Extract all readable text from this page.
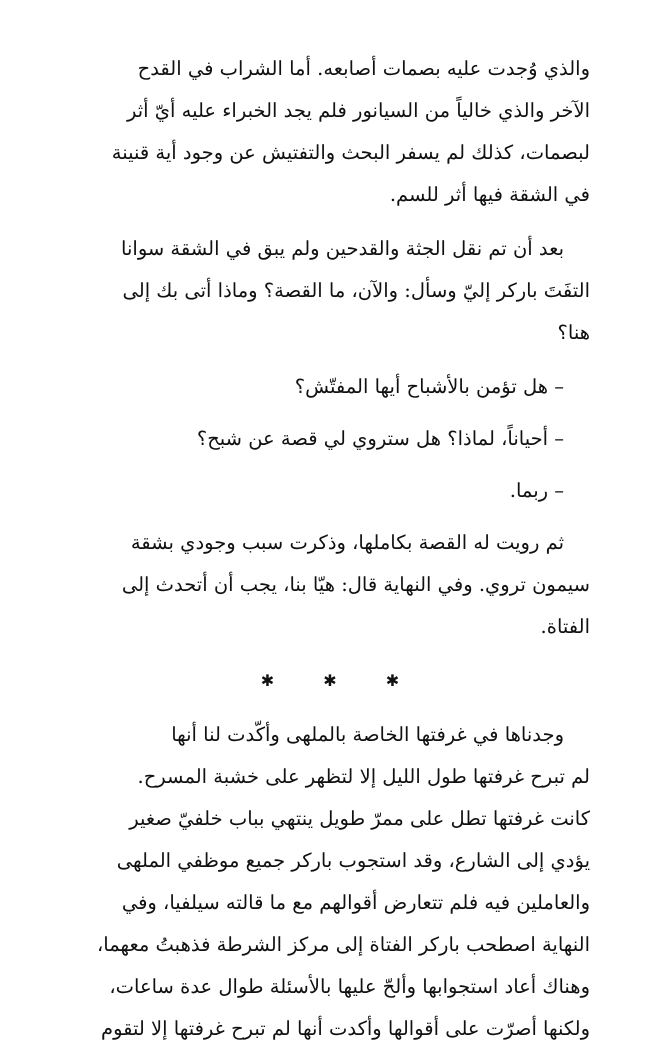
والذي وُجدت عليه بصمات أصابعه. أما الشراب في القدح
الآخر والذي خالياً من السيانور فلم يجد الخبراء عليه أيّ أثر
لبصمات، كذلك لم يسفر البحث والتفتيش عن وجود أية قنينة
في الشقة فيها أثر للسم.

بعد أن تم نقل الجثة والقدحين ولم يبق في الشقة سوانا
التفَتَ باركر إليّ وسأل: والآن، ما القصة؟ وماذا أتى بك إلى
هنا؟

– هل تؤمن بالأشباح أيها المفتّش؟

– أحياناً، لماذا؟ هل ستروي لي قصة عن شبح؟

– ربما.

ثم رويت له القصة بكاملها، وذكرت سبب وجودي بشقة
سيمون تروي. وفي النهاية قال: هيّا بنا، يجب أن أتحدث إلى
الفتاة.

✱ ✱ ✱

وجدناها في غرفتها الخاصة بالملهى وأكّدت لنا أنها
لم تبرح غرفتها طول الليل إلا لتظهر على خشبة المسرح.
كانت غرفتها تطل على ممرّ طويل ينتهي بباب خلفيّ صغير
يؤدي إلى الشارع، وقد استجوب باركر جميع موظفي الملهى
والعاملين فيه فلم تتعارض أقوالهم مع ما قالته سيلفيا، وفي
النهاية اصطحب باركر الفتاة إلى مركز الشرطة فذهبتُ معهما،
وهناك أعاد استجوابها وألحّ عليها بالأسئلة طوال عدة ساعات،
ولكنها أصرّت على أقوالها وأكدت أنها لم تبرح غرفتها إلا لتقوم
